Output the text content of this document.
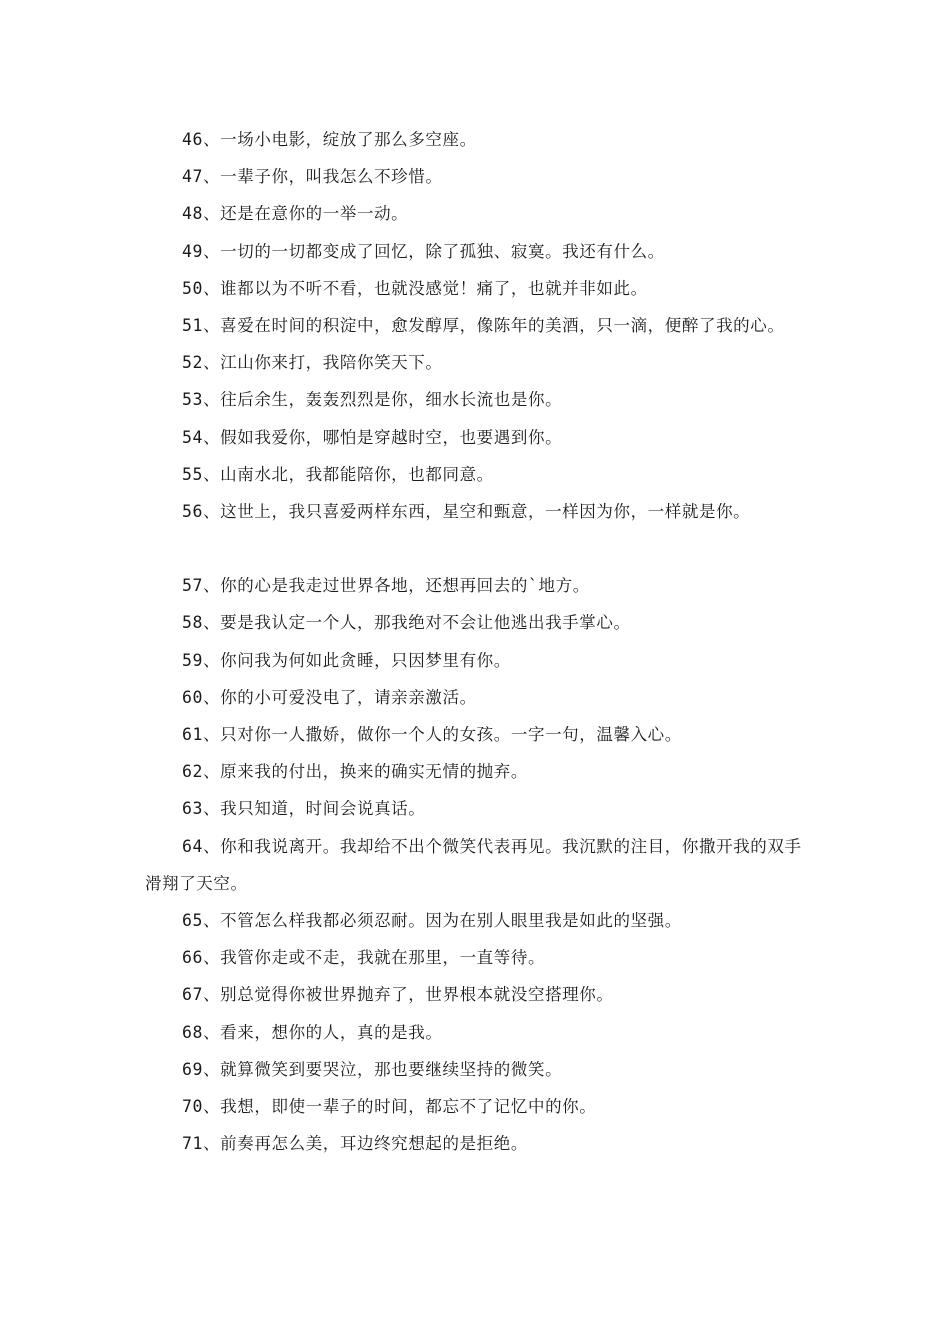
46、一场小电影，绽放了那么多空座。

47、一辈子你，叫我怎么不珍惜。

48、还是在意你的一举一动。

49、一切的一切都变成了回忆，除了孤独、寂寞。我还有什么。

50、谁都以为不听不看，也就没感觉！痛了，也就并非如此。

51、喜爱在时间的积淀中，愈发醇厚，像陈年的美酒，只一滴，便醉了我的心。

52、江山你来打，我陪你笑天下。

53、往后余生，轰轰烈烈是你，细水长流也是你。

54、假如我爱你，哪怕是穿越时空，也要遇到你。

55、山南水北，我都能陪你，也都同意。

56、这世上，我只喜爱两样东西，星空和甄意，一样因为你，一样就是你。

57、你的心是我走过世界各地，还想再回去的`地方。

58、要是我认定一个人，那我绝对不会让他逃出我手掌心。

59、你问我为何如此贪睡，只因梦里有你。

60、你的小可爱没电了，请亲亲激活。

61、只对你一人撒娇，做你一个人的女孩。一字一句，温馨入心。

62、原来我的付出，换来的确实无情的抛弃。

63、我只知道，时间会说真话。

64、你和我说离开。我却给不出个微笑代表再见。我沉默的注目，你撒开我的双手滑翔了天空。

65、不管怎么样我都必须忍耐。因为在别人眼里我是如此的坚强。

66、我管你走或不走，我就在那里，一直等待。

67、别总觉得你被世界抛弃了，世界根本就没空搭理你。

68、看来，想你的人，真的是我。

69、就算微笑到要哭泣，那也要继续坚持的微笑。

70、我想，即使一辈子的时间，都忘不了记忆中的你。

71、前奏再怎么美，耳边终究想起的是拒绝。
